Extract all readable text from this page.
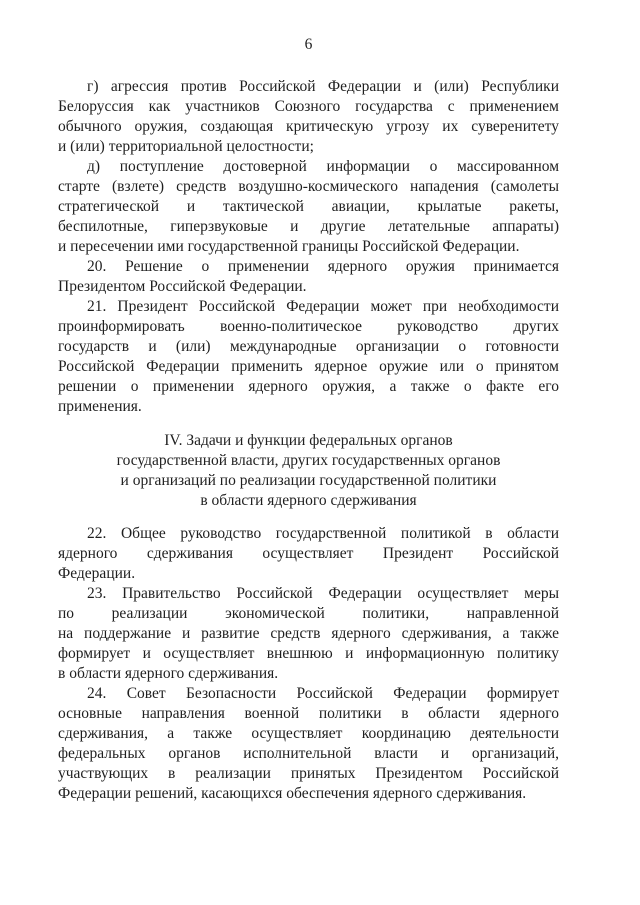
6
г) агрессия против Российской Федерации и (или) Республики
Белоруссия как участников Союзного государства с применением
обычного оружия, создающая критическую угрозу их суверенитету
и (или) территориальной целостности;
д) поступление достоверной информации о массированном
старте (взлете) средств воздушно-космического нападения (самолеты
стратегической и тактической авиации, крылатые ракеты,
беспилотные, гиперзвуковые и другие летательные аппараты)
и пересечении ими государственной границы Российской Федерации.
20. Решение о применении ядерного оружия принимается
Президентом Российской Федерации.
21. Президент Российской Федерации может при необходимости
проинформировать военно-политическое руководство других
государств и (или) международные организации о готовности
Российской Федерации применить ядерное оружие или о принятом
решении о применении ядерного оружия, а также о факте его
применения.
IV. Задачи и функции федеральных органов
государственной власти, других государственных органов
и организаций по реализации государственной политики
в области ядерного сдерживания
22. Общее руководство государственной политикой в области
ядерного сдерживания осуществляет Президент Российской
Федерации.
23. Правительство Российской Федерации осуществляет меры
по реализации экономической политики, направленной
на поддержание и развитие средств ядерного сдерживания, а также
формирует и осуществляет внешнюю и информационную политику
в области ядерного сдерживания.
24. Совет Безопасности Российской Федерации формирует
основные направления военной политики в области ядерного
сдерживания, а также осуществляет координацию деятельности
федеральных органов исполнительной власти и организаций,
участвующих в реализации принятых Президентом Российской
Федерации решений, касающихся обеспечения ядерного сдерживания.
